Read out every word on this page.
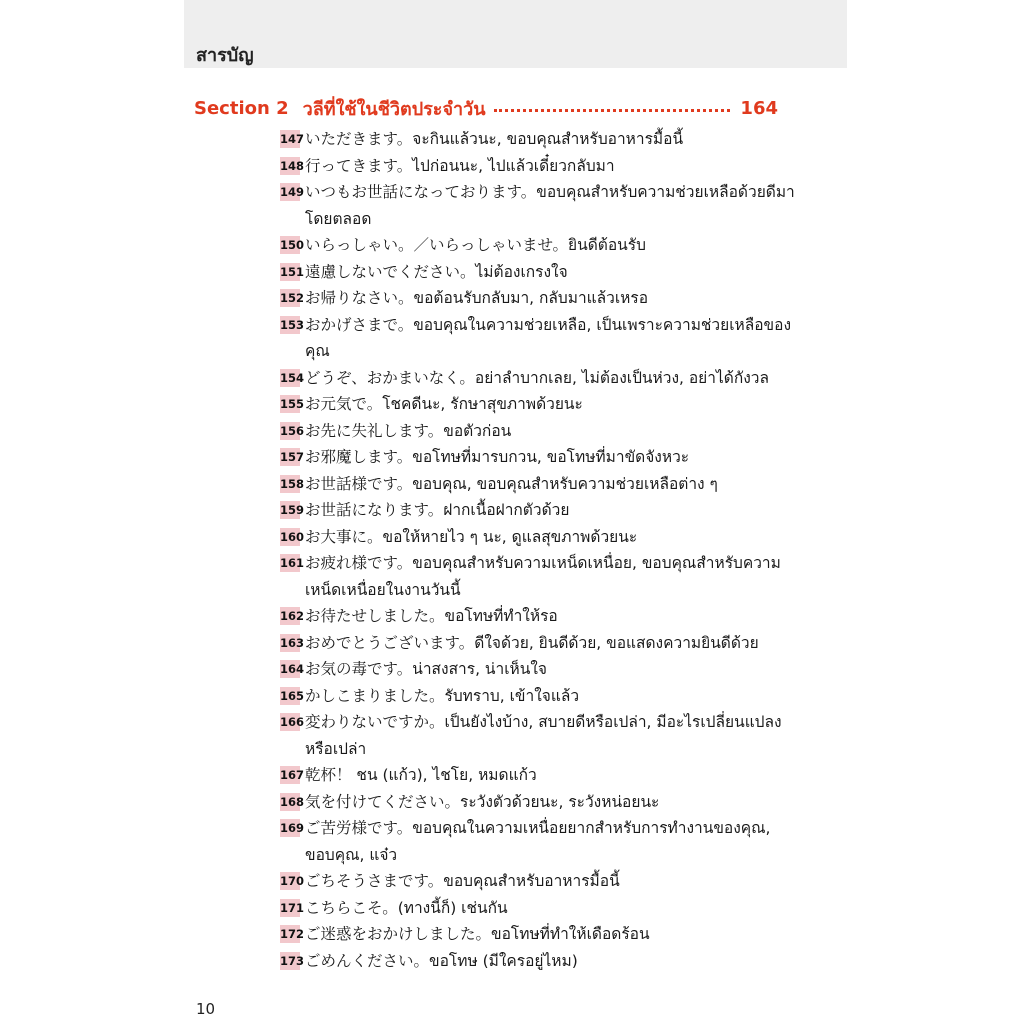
สารบัญ
Section 2 วลีที่ใช้ในชีวิตประจำวัน	164
147 いただきます。จะกินแล้วนะ, ขอบคุณสำหรับอาหารมื้อนี้
148 行ってきます。ไปก่อนนะ, ไปแล้วเดี๋ยวกลับมา
149 いつもお世話になっております。ขอบคุณสำหรับความช่วยเหลือด้วยดีมาโดยตลอด
150 いらっしゃい。／いらっしゃいませ。ยินดีต้อนรับ
151 遠慮しないでください。ไม่ต้องเกรงใจ
152 お帰りなさい。ขอต้อนรับกลับมา, กลับมาแล้วเหรอ
153 おかげさまで。ขอบคุณในความช่วยเหลือ, เป็นเพราะความช่วยเหลือของคุณ
154 どうぞ、おかまいなく。อย่าลำบากเลย, ไม่ต้องเป็นห่วง, อย่าได้กังวล
155 お元気で。โชคดีนะ, รักษาสุขภาพด้วยนะ
156 お先に失礼します。ขอตัวก่อน
157 お邪魔します。ขอโทษที่มารบกวน, ขอโทษที่มาขัดจังหวะ
158 お世話様です。ขอบคุณ, ขอบคุณสำหรับความช่วยเหลือต่าง ๆ
159 お世話になります。ฝากเนื้อฝากตัวด้วย
160 お大事に。ขอให้หายไว ๆ นะ, ดูแลสุขภาพด้วยนะ
161 お疲れ様です。ขอบคุณสำหรับความเหน็ดเหนื่อย, ขอบคุณสำหรับความเหน็ดเหนื่อยในงานวันนี้
162 お待たせしました。ขอโทษที่ทำให้รอ
163 おめでとうございます。ดีใจด้วย, ยินดีด้วย, ขอแสดงความยินดีด้วย
164 お気の毒です。น่าสงสาร, น่าเห็นใจ
165 かしこまりました。รับทราบ, เข้าใจแล้ว
166 変わりないですか。เป็นยังไงบ้าง, สบายดีหรือเปล่า, มีอะไรเปลี่ยนแปลงหรือเปล่า
167 乾杯！ ชน (แก้ว), ไชโย, หมดแก้ว
168 気を付けてください。ระวังตัวด้วยนะ, ระวังหน่อยนะ
169 ご苦労様です。ขอบคุณในความเหนื่อยยากสำหรับการทำงานของคุณ, ขอบคุณ, แจ๋ว
170 ごちそうさまです。ขอบคุณสำหรับอาหารมื้อนี้
171 こちらこそ。(ทางนี้ก็) เช่นกัน
172 ご迷惑をおかけしました。ขอโทษที่ทำให้เดือดร้อน
173 ごめんください。ขอโทษ (มีใครอยู่ไหม)
10
